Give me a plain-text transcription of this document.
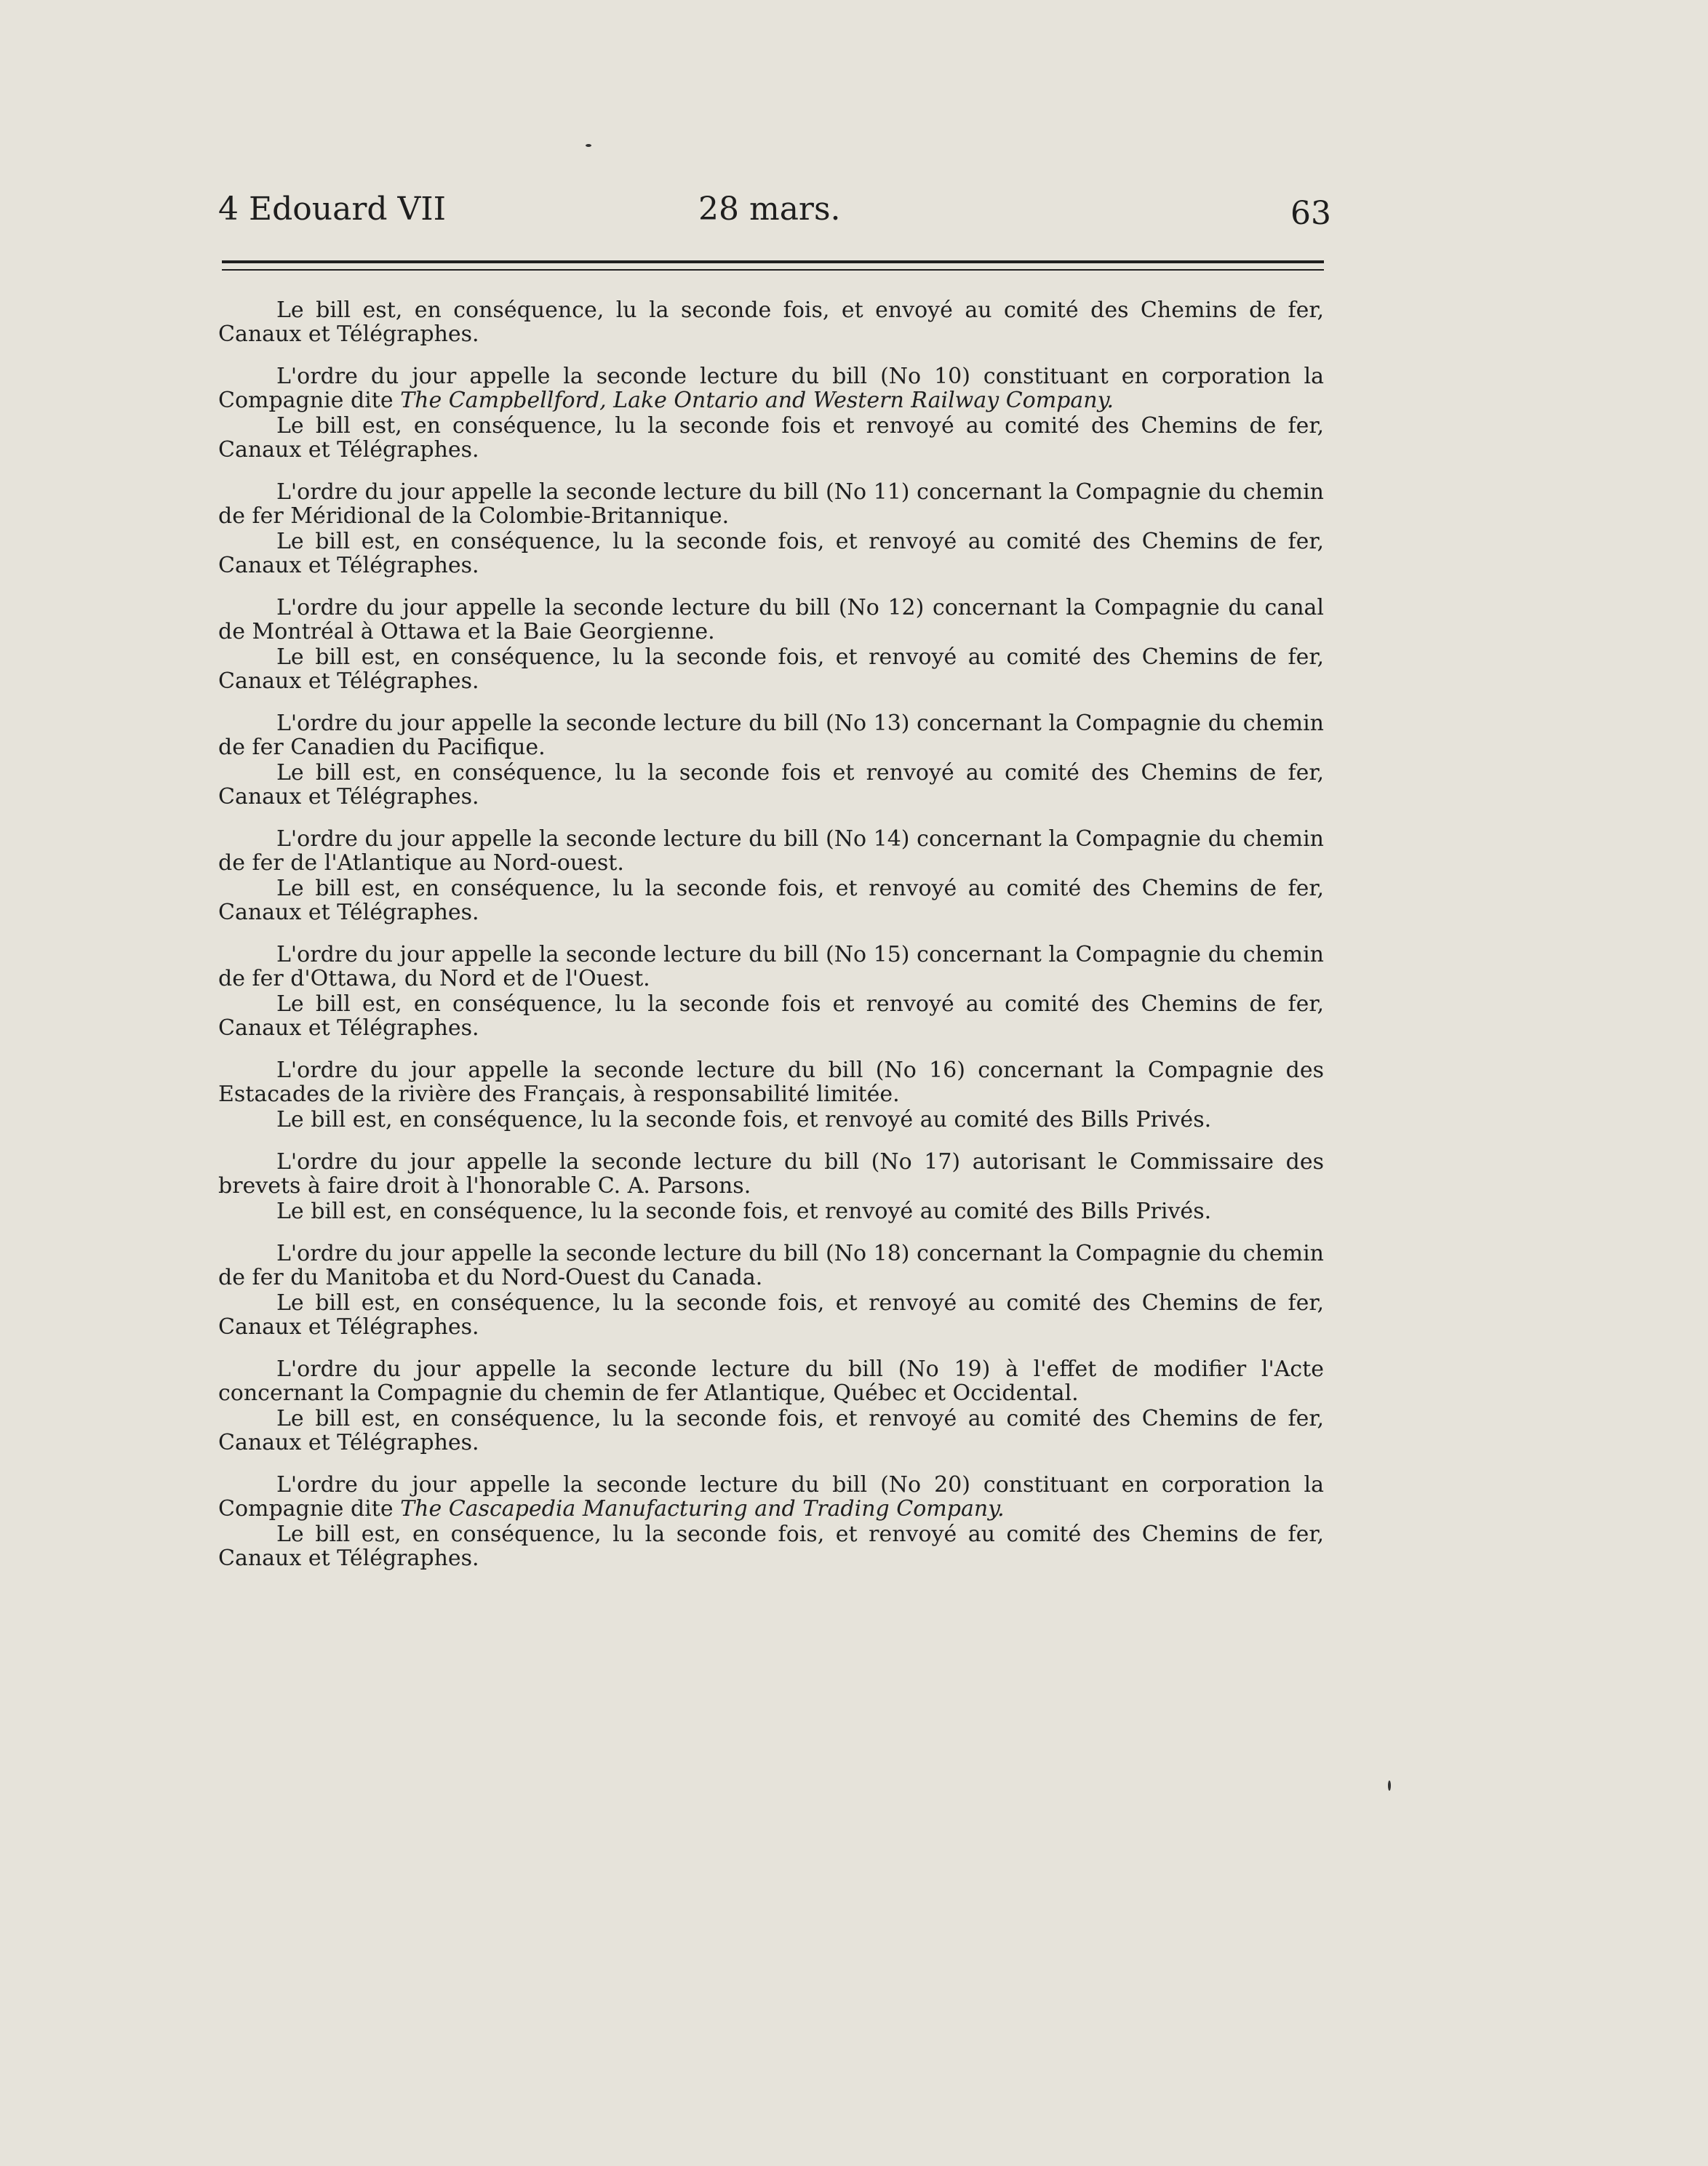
4 Edouard VII	28 mars.	63

Le bill est, en conséquence, lu la seconde fois, et envoyé au comité des Chemins de fer, Canaux et Télégraphes.

L'ordre du jour appelle la seconde lecture du bill (No 10) constituant en corporation la Compagnie dite The Campbellford, Lake Ontario and Western Railway Company.

Le bill est, en conséquence, lu la seconde fois et renvoyé au comité des Chemins de fer, Canaux et Télégraphes.

L'ordre du jour appelle la seconde lecture du bill (No 11) concernant la Compagnie du chemin de fer Méridional de la Colombie-Britannique.

Le bill est, en conséquence, lu la seconde fois, et renvoyé au comité des Chemins de fer, Canaux et Télégraphes.

L'ordre du jour appelle la seconde lecture du bill (No 12) concernant la Compagnie du canal de Montréal à Ottawa et la Baie Georgienne.

Le bill est, en conséquence, lu la seconde fois, et renvoyé au comité des Chemins de fer, Canaux et Télégraphes.

L'ordre du jour appelle la seconde lecture du bill (No 13) concernant la Compagnie du chemin de fer Canadien du Pacifique.

Le bill est, en conséquence, lu la seconde fois et renvoyé au comité des Chemins de fer, Canaux et Télégraphes.

L'ordre du jour appelle la seconde lecture du bill (No 14) concernant la Compagnie du chemin de fer de l'Atlantique au Nord-ouest.

Le bill est, en conséquence, lu la seconde fois, et renvoyé au comité des Chemins de fer, Canaux et Télégraphes.

L'ordre du jour appelle la seconde lecture du bill (No 15) concernant la Compagnie du chemin de fer d'Ottawa, du Nord et de l'Ouest.

Le bill est, en conséquence, lu la seconde fois et renvoyé au comité des Chemins de fer, Canaux et Télégraphes.

L'ordre du jour appelle la seconde lecture du bill (No 16) concernant la Compagnie des Estacades de la rivière des Français, à responsabilité limitée.

Le bill est, en conséquence, lu la seconde fois, et renvoyé au comité des Bills Privés.

L'ordre du jour appelle la seconde lecture du bill (No 17) autorisant le Commissaire des brevets à faire droit à l'honorable C. A. Parsons.

Le bill est, en conséquence, lu la seconde fois, et renvoyé au comité des Bills Privés.

L'ordre du jour appelle la seconde lecture du bill (No 18) concernant la Compagnie du chemin de fer du Manitoba et du Nord-Ouest du Canada.

Le bill est, en conséquence, lu la seconde fois, et renvoyé au comité des Chemins de fer, Canaux et Télégraphes.

L'ordre du jour appelle la seconde lecture du bill (No 19) à l'effet de modifier l'Acte concernant la Compagnie du chemin de fer Atlantique, Québec et Occidental.

Le bill est, en conséquence, lu la seconde fois, et renvoyé au comité des Chemins de fer, Canaux et Télégraphes.

L'ordre du jour appelle la seconde lecture du bill (No 20) constituant en corporation la Compagnie dite The Cascapedia Manufacturing and Trading Company.

Le bill est, en conséquence, lu la seconde fois, et renvoyé au comité des Chemins de fer, Canaux et Télégraphes.
